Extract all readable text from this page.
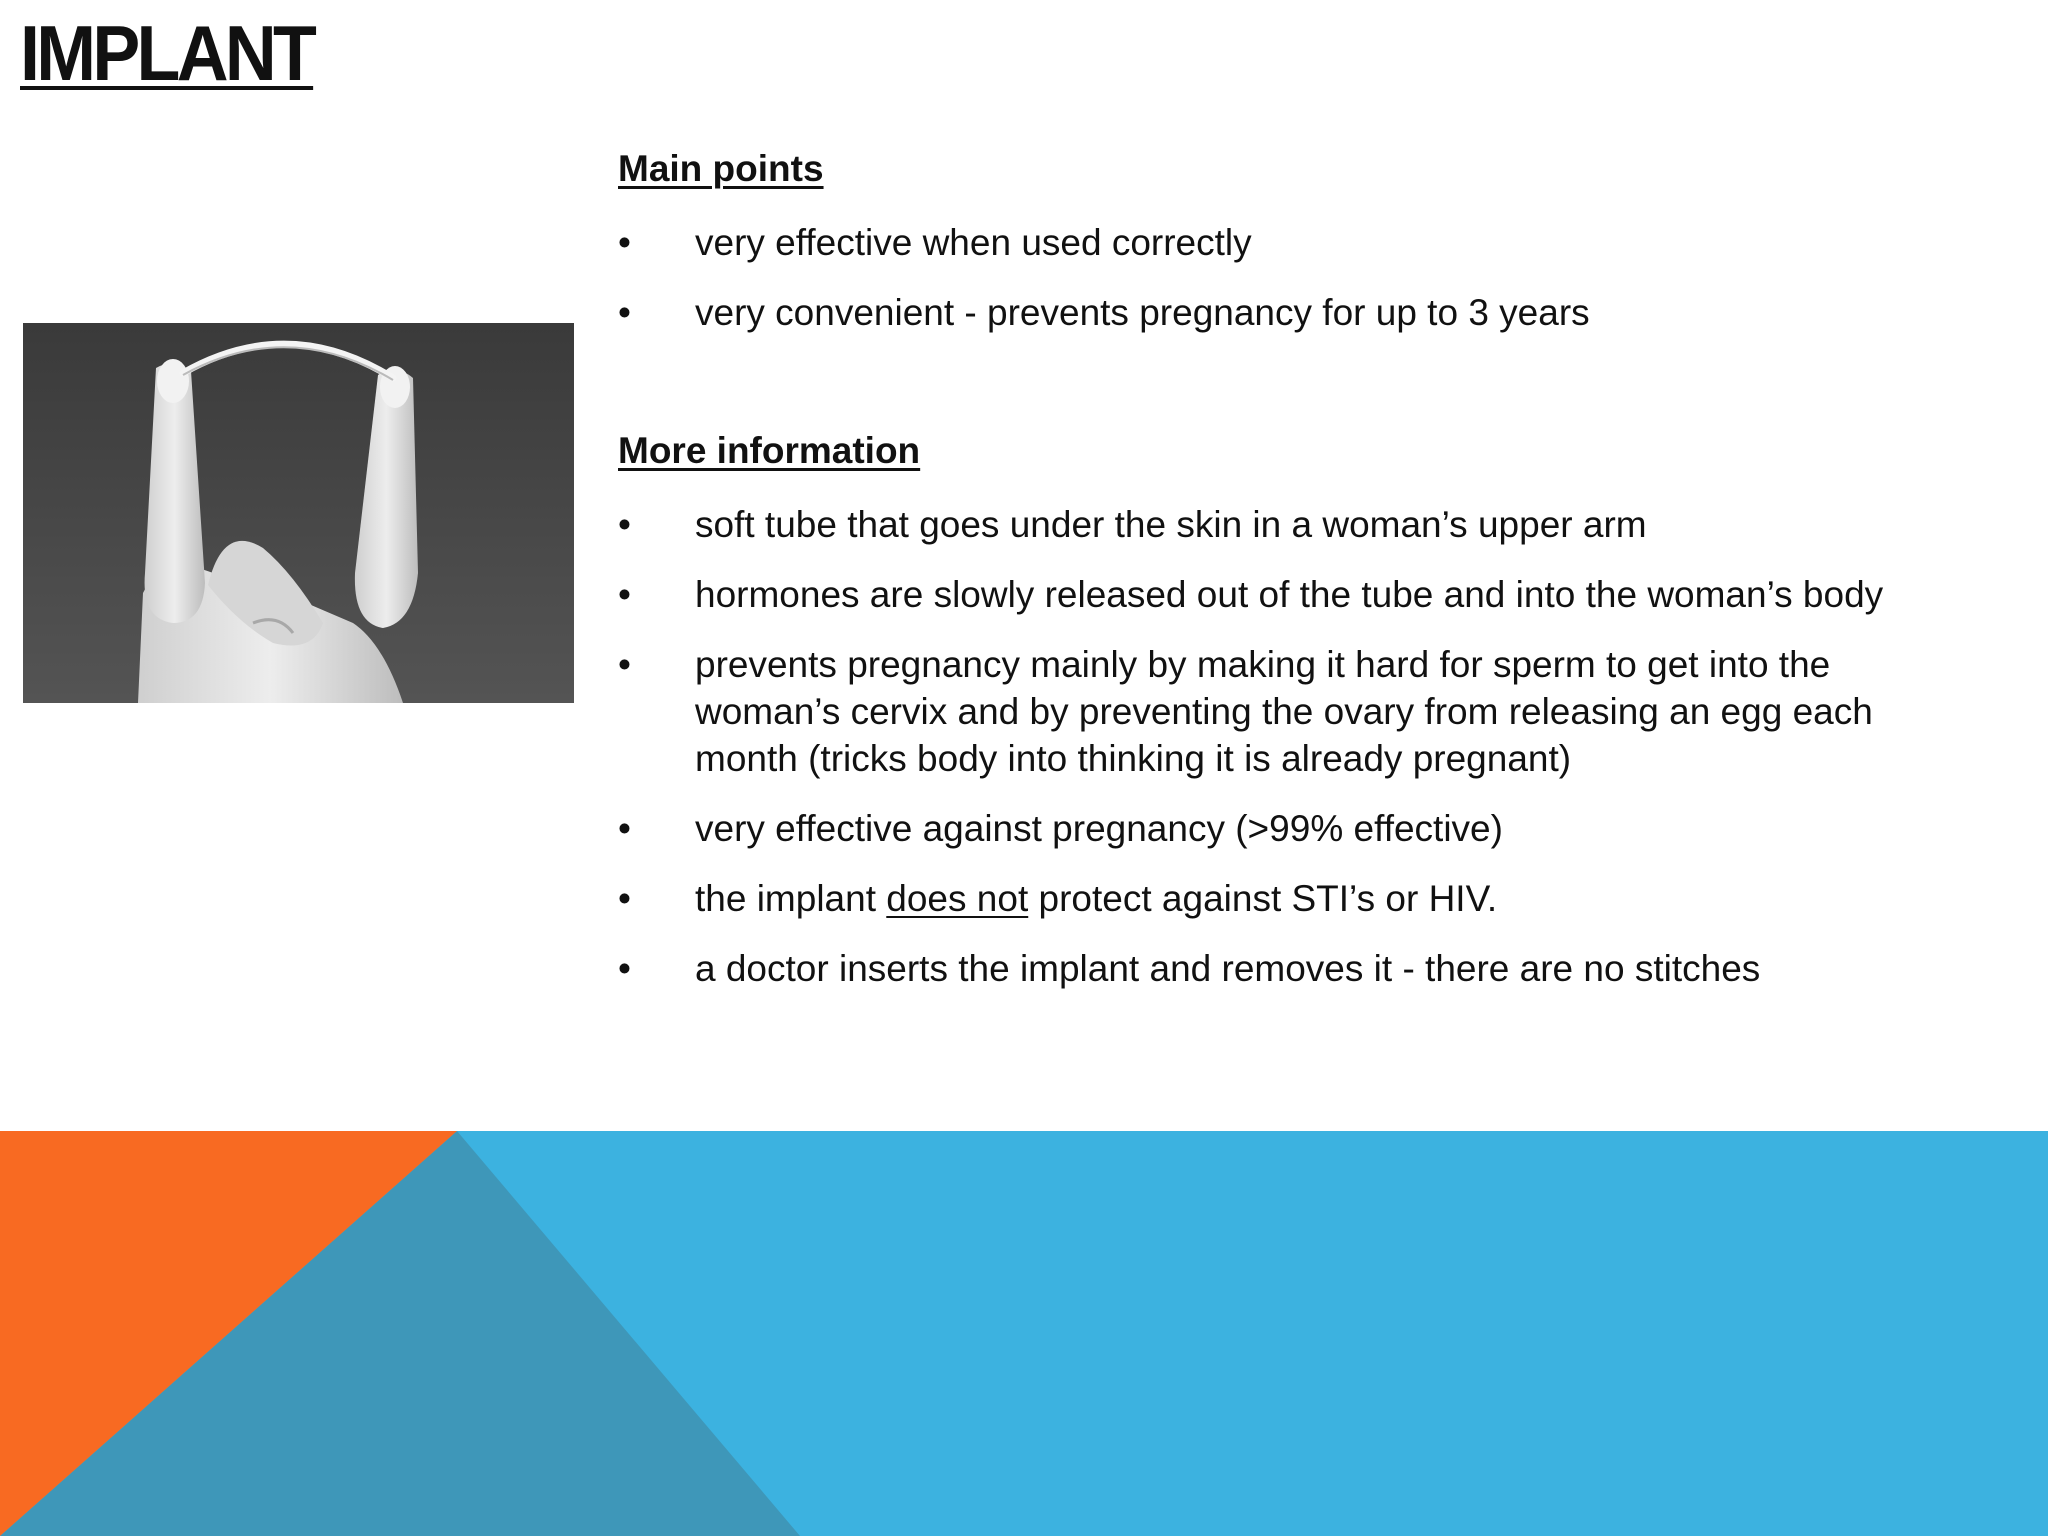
IMPLANT
Main points
• very effective when used correctly
• very convenient - prevents pregnancy for up to 3 years
More information
• soft tube that goes under the skin in a woman’s upper arm
• hormones are slowly released out of the tube and into the woman’s body
• prevents pregnancy mainly by making it hard for sperm to get into the
woman’s cervix and by preventing the ovary from releasing an egg each
month (tricks body into thinking it is already pregnant)
• very effective against pregnancy (>99% effective)
• the implant does not protect against STI’s or HIV.
• a doctor inserts the implant and removes it - there are no stitches
